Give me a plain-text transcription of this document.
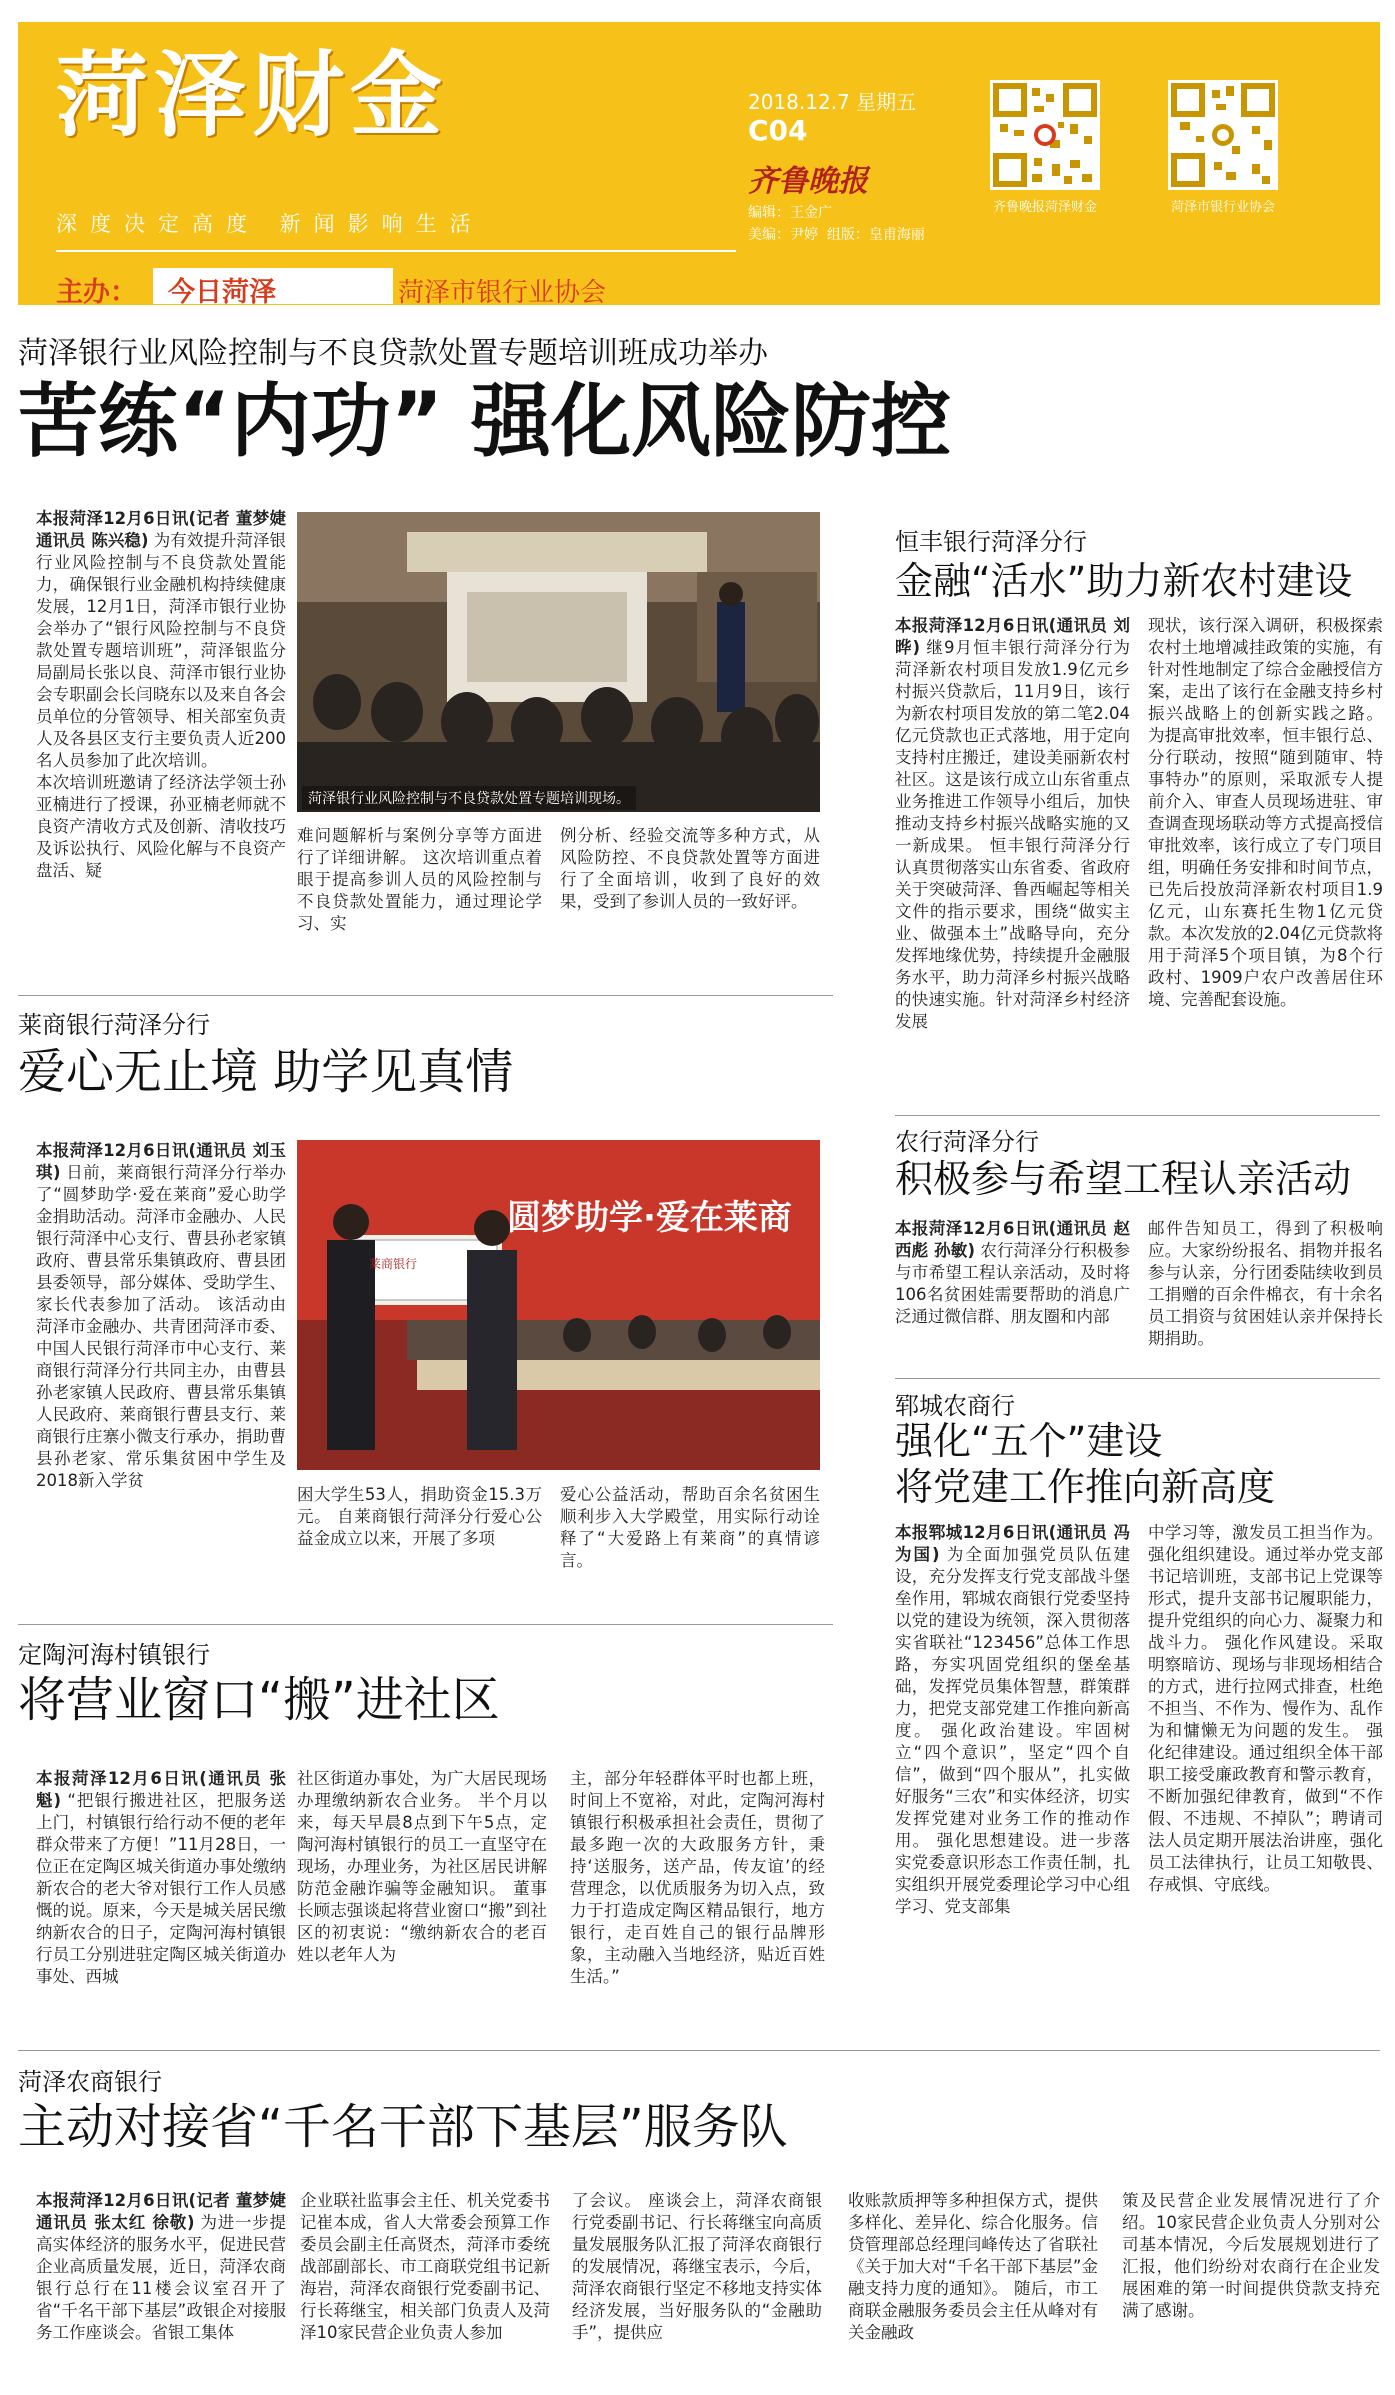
菏泽财金
深度决定高度 新闻影响生活
主办： 今日菏泽	菏泽市银行业协会
2018.12.7 星期五
C04
齐鲁晚报
编辑：王金广
美编：尹婷 组版：皇甫海丽
齐鲁晚报菏泽财金	菏泽市银行业协会
菏泽银行业风险控制与不良贷款处置专题培训班成功举办
苦练“内功” 强化风险防控
本报菏泽12月6日讯(记者 董梦婕 通讯员 陈兴稳) 为有效提升菏泽银行业风险控制与不良贷款处置能力，确保银行业金融机构持续健康发展，12月1日，菏泽市银行业协会举办了“银行风险控制与不良贷款处置专题培训班”，菏泽银监分局副局长张以良、菏泽市银行业协会专职副会长闫晓东以及来自各会员单位的分管领导、相关部室负责人及各县区支行主要负责人近200名人员参加了此次培训。
本次培训班邀请了经济法学领士孙亚楠进行了授课，孙亚楠老师就不良资产清收方式及创新、清收技巧及诉讼执行、风险化解与不良资产盘活、疑
菏泽银行业风险控制与不良贷款处置专题培训现场。
难问题解析与案例分享等方面进行了详细讲解。 这次培训重点着眼于提高参训人员的风险控制与不良贷款处置能力，通过理论学习、实
例分析、经验交流等多种方式，从风险防控、不良贷款处置等方面进行了全面培训，收到了良好的效果，受到了参训人员的一致好评。
莱商银行菏泽分行
爱心无止境 助学见真情
本报菏泽12月6日讯(通讯员 刘玉琪) 日前，莱商银行菏泽分行举办了“圆梦助学·爱在莱商”爱心助学金捐助活动。菏泽市金融办、人民银行菏泽中心支行、曹县孙老家镇政府、曹县常乐集镇政府、曹县团县委领导，部分媒体、受助学生、家长代表参加了活动。 该活动由菏泽市金融办、共青团菏泽市委、中国人民银行菏泽市中心支行、莱商银行菏泽分行共同主办，由曹县孙老家镇人民政府、曹县常乐集镇人民政府、莱商银行曹县支行、莱商银行庄寨小微支行承办，捐助曹县孙老家、常乐集贫困中学生及2018新入学贫
圆梦助学·爱在莱商
莱商银行
困大学生53人，捐助资金15.3万元。 自莱商银行菏泽分行爱心公益金成立以来，开展了多项
爱心公益活动，帮助百余名贫困生顺利步入大学殿堂，用实际行动诠释了“大爱路上有莱商”的真情谚言。
定陶河海村镇银行
将营业窗口“搬”进社区
本报菏泽12月6日讯(通讯员 张魁) “把银行搬进社区，把服务送上门，村镇银行给行动不便的老年群众带来了方便！”11月28日，一位正在定陶区城关街道办事处缴纳新农合的老大爷对银行工作人员感慨的说。原来，今天是城关居民缴纳新农合的日子，定陶河海村镇银行员工分别进驻定陶区城关街道办事处、西城
社区街道办事处，为广大居民现场办理缴纳新农合业务。 半个月以来，每天早晨8点到下午5点，定陶河海村镇银行的员工一直坚守在现场，办理业务，为社区居民讲解防范金融诈骗等金融知识。 董事长顾志强谈起将营业窗口“搬”到社区的初衷说：“缴纳新农合的老百姓以老年人为
主，部分年轻群体平时也都上班，时间上不宽裕，对此，定陶河海村镇银行积极承担社会责任，贯彻了最多跑一次的大政服务方针，秉持‘送服务，送产品，传友谊’的经营理念，以优质服务为切入点，致力于打造成定陶区精品银行，地方银行，走百姓自己的银行品牌形象，主动融入当地经济，贴近百姓生活。”
恒丰银行菏泽分行
金融“活水”助力新农村建设
本报菏泽12月6日讯(通讯员 刘晔) 继9月恒丰银行菏泽分行为菏泽新农村项目发放1.9亿元乡村振兴贷款后，11月9日，该行为新农村项目发放的第二笔2.04亿元贷款也正式落地，用于定向支持村庄搬迁，建设美丽新农村社区。这是该行成立山东省重点业务推进工作领导小组后，加快推动支持乡村振兴战略实施的又一新成果。 恒丰银行菏泽分行认真贯彻落实山东省委、省政府关于突破菏泽、鲁西崛起等相关文件的指示要求，围绕“做实主业、做强本土”战略导向，充分发挥地缘优势，持续提升金融服务水平，助力菏泽乡村振兴战略的快速实施。针对菏泽乡村经济发展
现状，该行深入调研，积极探索农村土地增减挂政策的实施，有针对性地制定了综合金融授信方案，走出了该行在金融支持乡村振兴战略上的创新实践之路。 为提高审批效率，恒丰银行总、分行联动，按照“随到随审、特事特办”的原则，采取派专人提前介入、审查人员现场进驻、审查调查现场联动等方式提高授信审批效率，该行成立了专门项目组，明确任务安排和时间节点，已先后投放菏泽新农村项目1.9亿元，山东赛托生物1亿元贷款。本次发放的2.04亿元贷款将用于菏泽5个项目镇，为8个行政村、1909户农户改善居住环境、完善配套设施。
农行菏泽分行
积极参与希望工程认亲活动
本报菏泽12月6日讯(通讯员 赵西彪 孙敏) 农行菏泽分行积极参与市希望工程认亲活动，及时将106名贫困娃需要帮助的消息广泛通过微信群、朋友圈和内部
邮件告知员工，得到了积极响应。大家纷纷报名、捐物并报名参与认亲，分行团委陆续收到员工捐赠的百余件棉衣，有十余名员工捐资与贫困娃认亲并保持长期捐助。
郓城农商行
强化“五个”建设
将党建工作推向新高度
本报郓城12月6日讯(通讯员 冯为国) 为全面加强党员队伍建设，充分发挥支行党支部战斗堡垒作用，郓城农商银行党委坚持以党的建设为统领，深入贯彻落实省联社“123456”总体工作思路，夯实巩固党组织的堡垒基础，发挥党员集体智慧，群策群力，把党支部党建工作推向新高度。 强化政治建设。牢固树立“四个意识”，坚定“四个自信”，做到“四个服从”，扎实做好服务“三农”和实体经济，切实发挥党建对业务工作的推动作用。 强化思想建设。进一步落实党委意识形态工作责任制，扎实组织开展党委理论学习中心组学习、党支部集
中学习等，激发员工担当作为。 强化组织建设。通过举办党支部书记培训班，支部书记上党课等形式，提升支部书记履职能力，提升党组织的向心力、凝聚力和战斗力。 强化作风建设。采取明察暗访、现场与非现场相结合的方式，进行拉网式排查，杜绝不担当、不作为、慢作为、乱作为和慵懒无为问题的发生。 强化纪律建设。通过组织全体干部职工接受廉政教育和警示教育，不断加强纪律教育，做到“不作假、不违规、不掉队”；聘请司法人员定期开展法治讲座，强化员工法律执行，让员工知敬畏、存戒惧、守底线。
菏泽农商银行
主动对接省“千名干部下基层”服务队
本报菏泽12月6日讯(记者 董梦婕 通讯员 张太红 徐敬) 为进一步提高实体经济的服务水平，促进民营企业高质量发展，近日，菏泽农商银行总行在11楼会议室召开了省“千名干部下基层”政银企对接服务工作座谈会。省银工集体
企业联社监事会主任、机关党委书记崔本成，省人大常委会预算工作委员会副主任高贤杰，菏泽市委统战部副部长、市工商联党组书记新海岩，菏泽农商银行党委副书记、行长蒋继宝，相关部门负责人及菏泽10家民营企业负责人参加
了会议。 座谈会上，菏泽农商银行党委副书记、行长蒋继宝向高质量发展服务队汇报了菏泽农商银行的发展情况，蒋继宝表示，今后，菏泽农商银行坚定不移地支持实体经济发展，当好服务队的“金融助手”，提供应
收账款质押等多种担保方式，提供多样化、差异化、综合化服务。信贷管理部总经理闫峰传达了省联社《关于加大对“千名干部下基层”金融支持力度的通知》。 随后，市工商联金融服务委员会主任从峰对有关金融政
策及民营企业发展情况进行了介绍。10家民营企业负责人分别对公司基本情况，今后发展规划进行了汇报，他们纷纷对农商行在企业发展困难的第一时间提供贷款支持充满了感谢。
